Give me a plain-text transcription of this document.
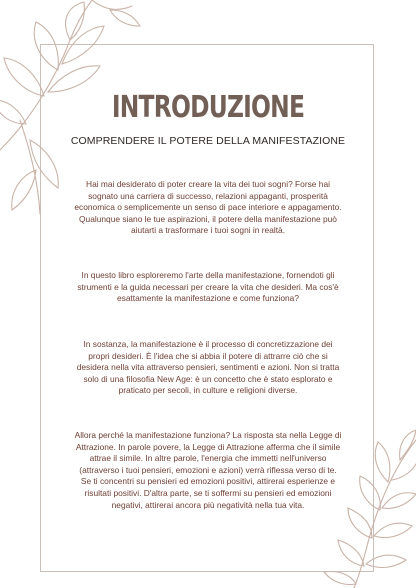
INTRODUZIONE
COMPRENDERE IL POTERE DELLA MANIFESTAZIONE

Hai mai desiderato di poter creare la vita dei tuoi sogni? Forse hai sognato una carriera di successo, relazioni appaganti, prosperità economica o semplicemente un senso di pace interiore e appagamento. Qualunque siano le tue aspirazioni, il potere della manifestazione può aiutarti a trasformare i tuoi sogni in realtà.

In questo libro esploreremo l'arte della manifestazione, fornendoti gli strumenti e la guida necessari per creare la vita che desideri. Ma cos'è esattamente la manifestazione e come funziona?

In sostanza, la manifestazione è il processo di concretizzazione dei propri desideri. È l'idea che si abbia il potere di attrarre ciò che si desidera nella vita attraverso pensieri, sentimenti e azioni. Non si tratta solo di una filosofia New Age: è un concetto che è stato esplorato e praticato per secoli, in culture e religioni diverse.

Allora perché la manifestazione funziona? La risposta sta nella Legge di Attrazione. In parole povere, la Legge di Attrazione afferma che il simile attrae il simile. In altre parole, l'energia che immetti nell'universo (attraverso i tuoi pensieri, emozioni e azioni) verrà riflessa verso di te. Se ti concentri su pensieri ed emozioni positivi, attirerai esperienze e risultati positivi. D'altra parte, se ti soffermi su pensieri ed emozioni negativi, attirerai ancora più negatività nella tua vita.
